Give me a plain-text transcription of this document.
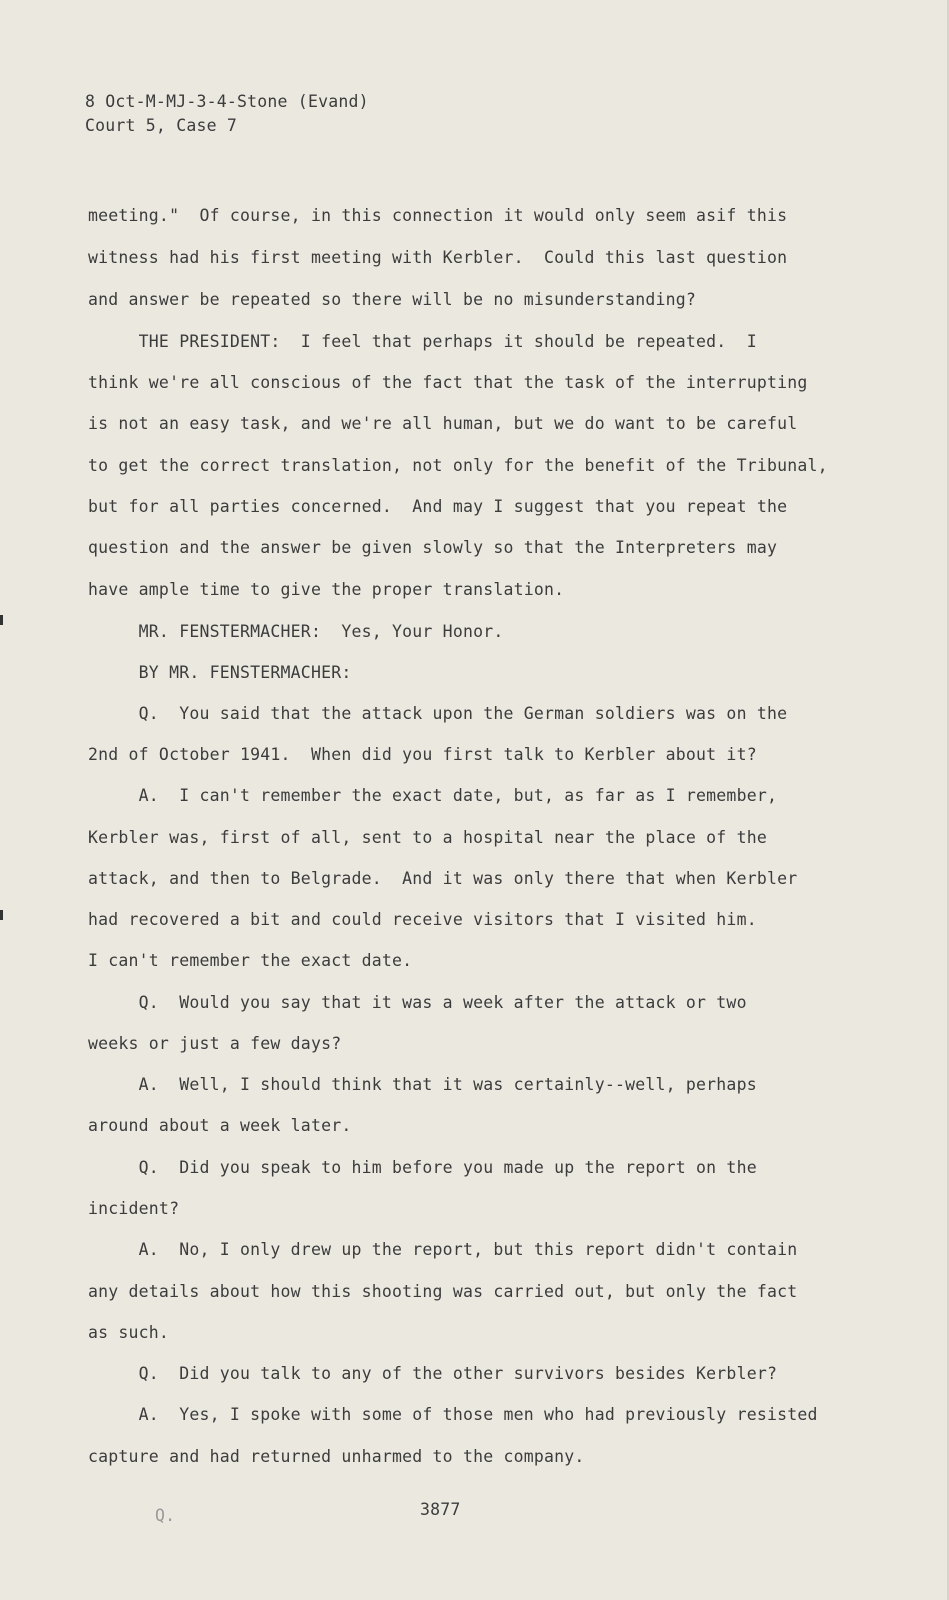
8 Oct-M-MJ-3-4-Stone (Evand)
Court 5, Case 7
meeting."  Of course, in this connection it would only seem asif this
witness had his first meeting with Kerbler.  Could this last question
and answer be repeated so there will be no misunderstanding?
THE PRESIDENT:  I feel that perhaps it should be repeated.  I
think we're all conscious of the fact that the task of the interrupting
is not an easy task, and we're all human, but we do want to be careful
to get the correct translation, not only for the benefit of the Tribunal,
but for all parties concerned.  And may I suggest that you repeat the
question and the answer be given slowly so that the Interpreters may
have ample time to give the proper translation.
MR. FENSTERMACHER:  Yes, Your Honor.
BY MR. FENSTERMACHER:
Q.  You said that the attack upon the German soldiers was on the
2nd of October 1941.  When did you first talk to Kerbler about it?
A.  I can't remember the exact date, but, as far as I remember,
Kerbler was, first of all, sent to a hospital near the place of the
attack, and then to Belgrade.  And it was only there that when Kerbler
had recovered a bit and could receive visitors that I visited him.
I can't remember the exact date.
Q.  Would you say that it was a week after the attack or two
weeks or just a few days?
A.  Well, I should think that it was certainly--well, perhaps
around about a week later.
Q.  Did you speak to him before you made up the report on the
incident?
A.  No, I only drew up the report, but this report didn't contain
any details about how this shooting was carried out, but only the fact
as such.
Q.  Did you talk to any of the other survivors besides Kerbler?
A.  Yes, I spoke with some of those men who had previously resisted
capture and had returned unharmed to the company.
Q.	3877
